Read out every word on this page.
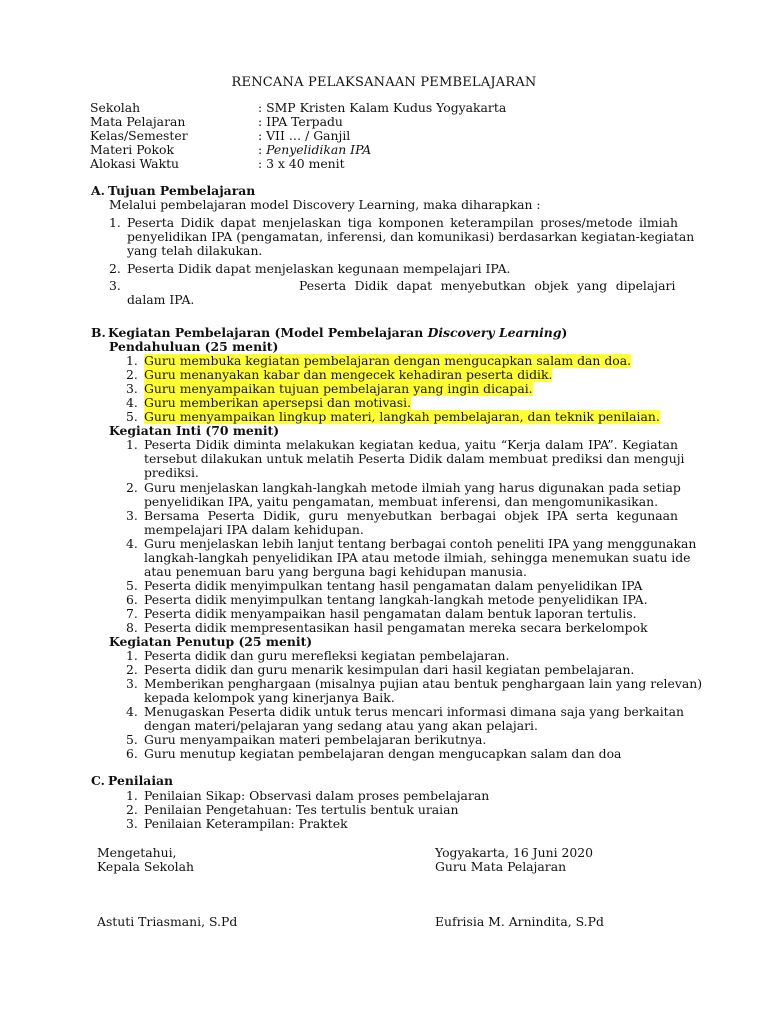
RENCANA PELAKSANAAN PEMBELAJARAN
Sekolah	: SMP Kristen Kalam Kudus Yogyakarta
Mata Pelajaran	: IPA Terpadu
Kelas/Semester	: VII … / Ganjil
Materi Pokok	: Penyelidikan IPA
Alokasi Waktu	: 3 x 40 menit
A. Tujuan Pembelajaran
Melalui pembelajaran model Discovery Learning, maka diharapkan :
1. Peserta Didik dapat menjelaskan tiga komponen keterampilan proses/metode ilmiah
penyelidikan IPA (pengamatan, inferensi, dan komunikasi) berdasarkan kegiatan-kegiatan
yang telah dilakukan.
2. Peserta Didik dapat menjelaskan kegunaan mempelajari IPA.
3.	Peserta Didik dapat menyebutkan objek yang dipelajari
dalam IPA.
B. Kegiatan Pembelajaran (Model Pembelajaran Discovery Learning)
Pendahuluan (25 menit)
1. Guru membuka kegiatan pembelajaran dengan mengucapkan salam dan doa.
2. Guru menanyakan kabar dan mengecek kehadiran peserta didik.
3. Guru menyampaikan tujuan pembelajaran yang ingin dicapai.
4. Guru memberikan apersepsi dan motivasi.
5. Guru menyampaikan lingkup materi, langkah pembelajaran, dan teknik penilaian.
Kegiatan Inti (70 menit)
1. Peserta Didik diminta melakukan kegiatan kedua, yaitu “Kerja dalam IPA”. Kegiatan
tersebut dilakukan untuk melatih Peserta Didik dalam membuat prediksi dan menguji
prediksi.
2. Guru menjelaskan langkah-langkah metode ilmiah yang harus digunakan pada setiap
penyelidikan IPA, yaitu pengamatan, membuat inferensi, dan mengomunikasikan.
3. Bersama Peserta Didik, guru menyebutkan berbagai objek IPA serta kegunaan
mempelajari IPA dalam kehidupan.
4. Guru menjelaskan lebih lanjut tentang berbagai contoh peneliti IPA yang menggunakan
langkah-langkah penyelidikan IPA atau metode ilmiah, sehingga menemukan suatu ide
atau penemuan baru yang berguna bagi kehidupan manusia.
5. Peserta didik menyimpulkan tentang hasil pengamatan dalam penyelidikan IPA
6. Peserta didik menyimpulkan tentang langkah-langkah metode penyelidikan IPA.
7. Peserta didik menyampaikan hasil pengamatan dalam bentuk laporan tertulis.
8. Peserta didik mempresentasikan hasil pengamatan mereka secara berkelompok
Kegiatan Penutup (25 menit)
1. Peserta didik dan guru merefleksi kegiatan pembelajaran.
2. Peserta didik dan guru menarik kesimpulan dari hasil kegiatan pembelajaran.
3. Memberikan penghargaan (misalnya pujian atau bentuk penghargaan lain yang relevan)
kepada kelompok yang kinerjanya Baik.
4. Menugaskan Peserta didik untuk terus mencari informasi dimana saja yang berkaitan
dengan materi/pelajaran yang sedang atau yang akan pelajari.
5. Guru menyampaikan materi pembelajaran berikutnya.
6. Guru menutup kegiatan pembelajaran dengan mengucapkan salam dan doa
C. Penilaian
1. Penilaian Sikap: Observasi dalam proses pembelajaran
2. Penilaian Pengetahuan: Tes tertulis bentuk uraian
3. Penilaian Keterampilan: Praktek
Mengetahui,
Kepala Sekolah
Astuti Triasmani, S.Pd
Yogyakarta, 16 Juni 2020
Guru Mata Pelajaran
Eufrisia M. Arnindita, S.Pd
